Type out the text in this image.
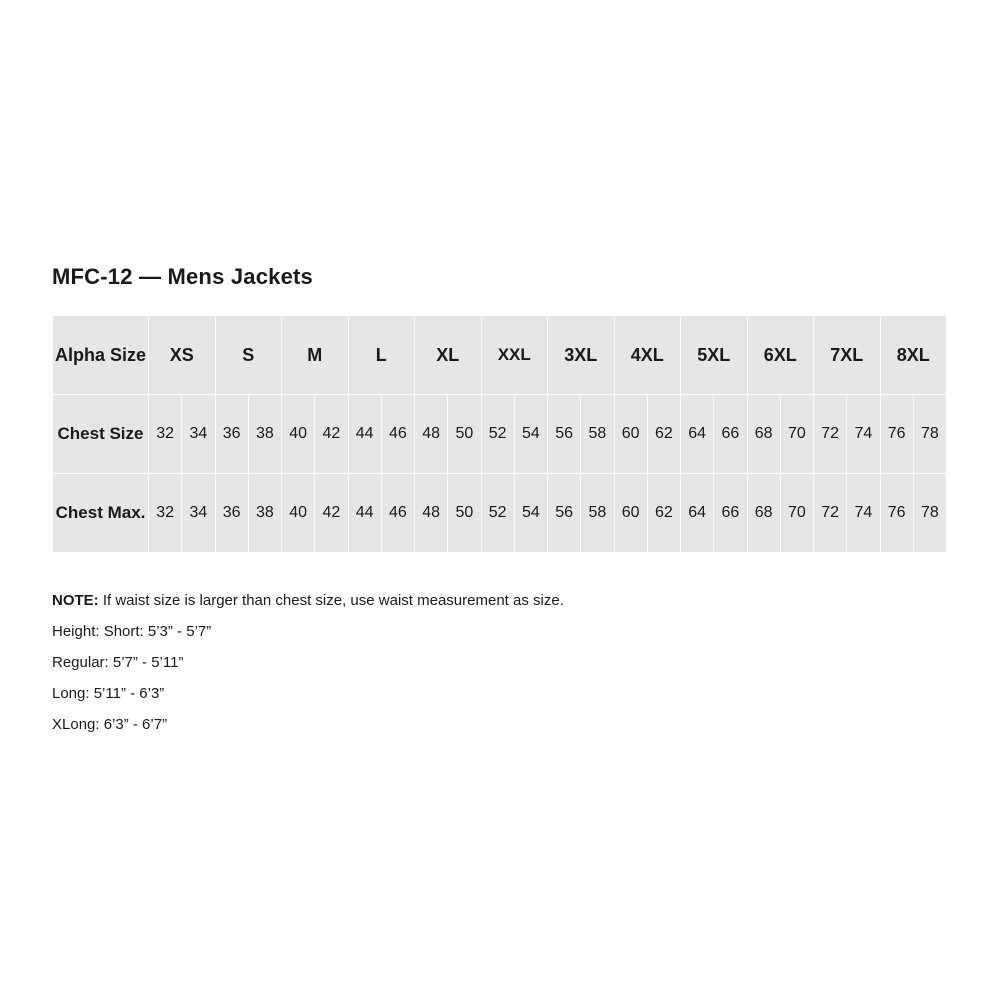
MFC-12 — Mens Jackets
Alpha Size	XS		S		M		L		XL		XXL		3XL		4XL		5XL		6XL		7XL		8XL	
Chest Size	32	34	36	38	40	42	44	46	48	50	52	54	56	58	60	62	64	66	68	70	72	74	76	78
Chest Max.	32	34	36	38	40	42	44	46	48	50	52	54	56	58	60	62	64	66	68	70	72	74	76	78

NOTE: If waist size is larger than chest size, use waist measurement as size.

Height: Short: 5’3” - 5’7”

Regular: 5’7” - 5’11”

Long: 5’11” - 6’3”

XLong: 6’3” - 6’7”
